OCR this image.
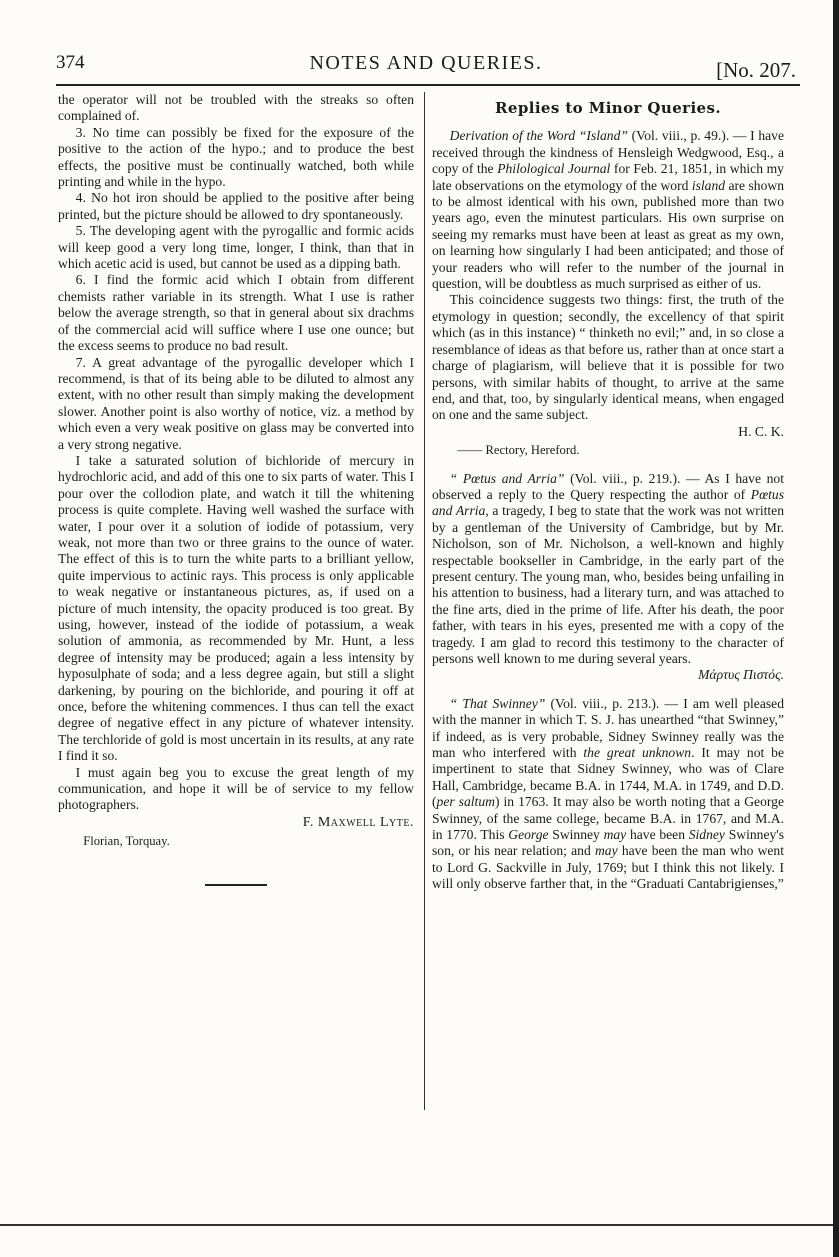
374	NOTES AND QUERIES.	[No. 207.

the operator will not be troubled with the streaks so often complained of.

3. No time can possibly be fixed for the exposure of the positive to the action of the hypo.; and to produce the best effects, the positive must be continually watched, both while printing and while in the hypo.

4. No hot iron should be applied to the positive after being printed, but the picture should be allowed to dry spontaneously.

5. The developing agent with the pyrogallic and formic acids will keep good a very long time, longer, I think, than that in which acetic acid is used, but cannot be used as a dipping bath.

6. I find the formic acid which I obtain from different chemists rather variable in its strength. What I use is rather below the average strength, so that in general about six drachms of the commercial acid will suffice where I use one ounce; but the excess seems to produce no bad result.

7. A great advantage of the pyrogallic developer which I recommend, is that of its being able to be diluted to almost any extent, with no other result than simply making the development slower. Another point is also worthy of notice, viz. a method by which even a very weak positive on glass may be converted into a very strong negative.

I take a saturated solution of bichloride of mercury in hydrochloric acid, and add of this one to six parts of water. This I pour over the collodion plate, and watch it till the whitening process is quite complete. Having well washed the surface with water, I pour over it a solution of iodide of potassium, very weak, not more than two or three grains to the ounce of water. The effect of this is to turn the white parts to a brilliant yellow, quite impervious to actinic rays. This process is only applicable to weak negative or instantaneous pictures, as, if used on a picture of much intensity, the opacity produced is too great. By using, however, instead of the iodide of potassium, a weak solution of ammonia, as recommended by Mr. Hunt, a less degree of intensity may be produced; again a less intensity by hyposulphate of soda; and a less degree again, but still a slight darkening, by pouring on the bichloride, and pouring it off at once, before the whitening commences. I thus can tell the exact degree of negative effect in any picture of whatever intensity. The terchloride of gold is most uncertain in its results, at any rate I find it so.

I must again beg you to excuse the great length of my communication, and hope it will be of service to my fellow photographers.

F. Maxwell Lyte.
Florian, Torquay.
Replies to Minor Queries.

Derivation of the Word “Island” (Vol. viii., p. 49.). — I have received through the kindness of Hensleigh Wedgwood, Esq., a copy of the Philological Journal for Feb. 21, 1851, in which my late observations on the etymology of the word island are shown to be almost identical with his own, published more than two years ago, even the minutest particulars. His own surprise on seeing my remarks must have been at least as great as my own, on learning how singularly I had been anticipated; and those of your readers who will refer to the number of the journal in question, will be doubtless as much surprised as either of us.

This coincidence suggests two things: first, the truth of the etymology in question; secondly, the excellency of that spirit which (as in this instance) “ thinketh no evil;” and, in so close a resemblance of ideas as that before us, rather than at once start a charge of plagiarism, will believe that it is possible for two persons, with similar habits of thought, to arrive at the same end, and that, too, by singularly identical means, when engaged on one and the same subject.

H. C. K.
—— Rectory, Hereford.

“ Pœtus and Arria” (Vol. viii., p. 219.). — As I have not observed a reply to the Query respecting the author of Pœtus and Arria, a tragedy, I beg to state that the work was not written by a gentleman of the University of Cambridge, but by Mr. Nicholson, son of Mr. Nicholson, a well-known and highly respectable bookseller in Cambridge, in the early part of the present century. The young man, who, besides being unfailing in his attention to business, had a literary turn, and was attached to the fine arts, died in the prime of life. After his death, the poor father, with tears in his eyes, presented me with a copy of the tragedy. I am glad to record this testimony to the character of persons well known to me during several years.

Μάρτυς Πιστός.

“ That Swinney” (Vol. viii., p. 213.). — I am well pleased with the manner in which T. S. J. has unearthed “that Swinney,” if indeed, as is very probable, Sidney Swinney really was the man who interfered with the great unknown. It may not be impertinent to state that Sidney Swinney, who was of Clare Hall, Cambridge, became B.A. in 1744, M.A. in 1749, and D.D. (per saltum) in 1763. It may also be worth noting that a George Swinney, of the same college, became B.A. in 1767, and M.A. in 1770. This George Swinney may have been Sidney Swinney's son, or his near relation; and may have been the man who went to Lord G. Sackville in July, 1769; but I think this not likely. I will only observe farther that, in the “Graduati Cantabrigienses,”
